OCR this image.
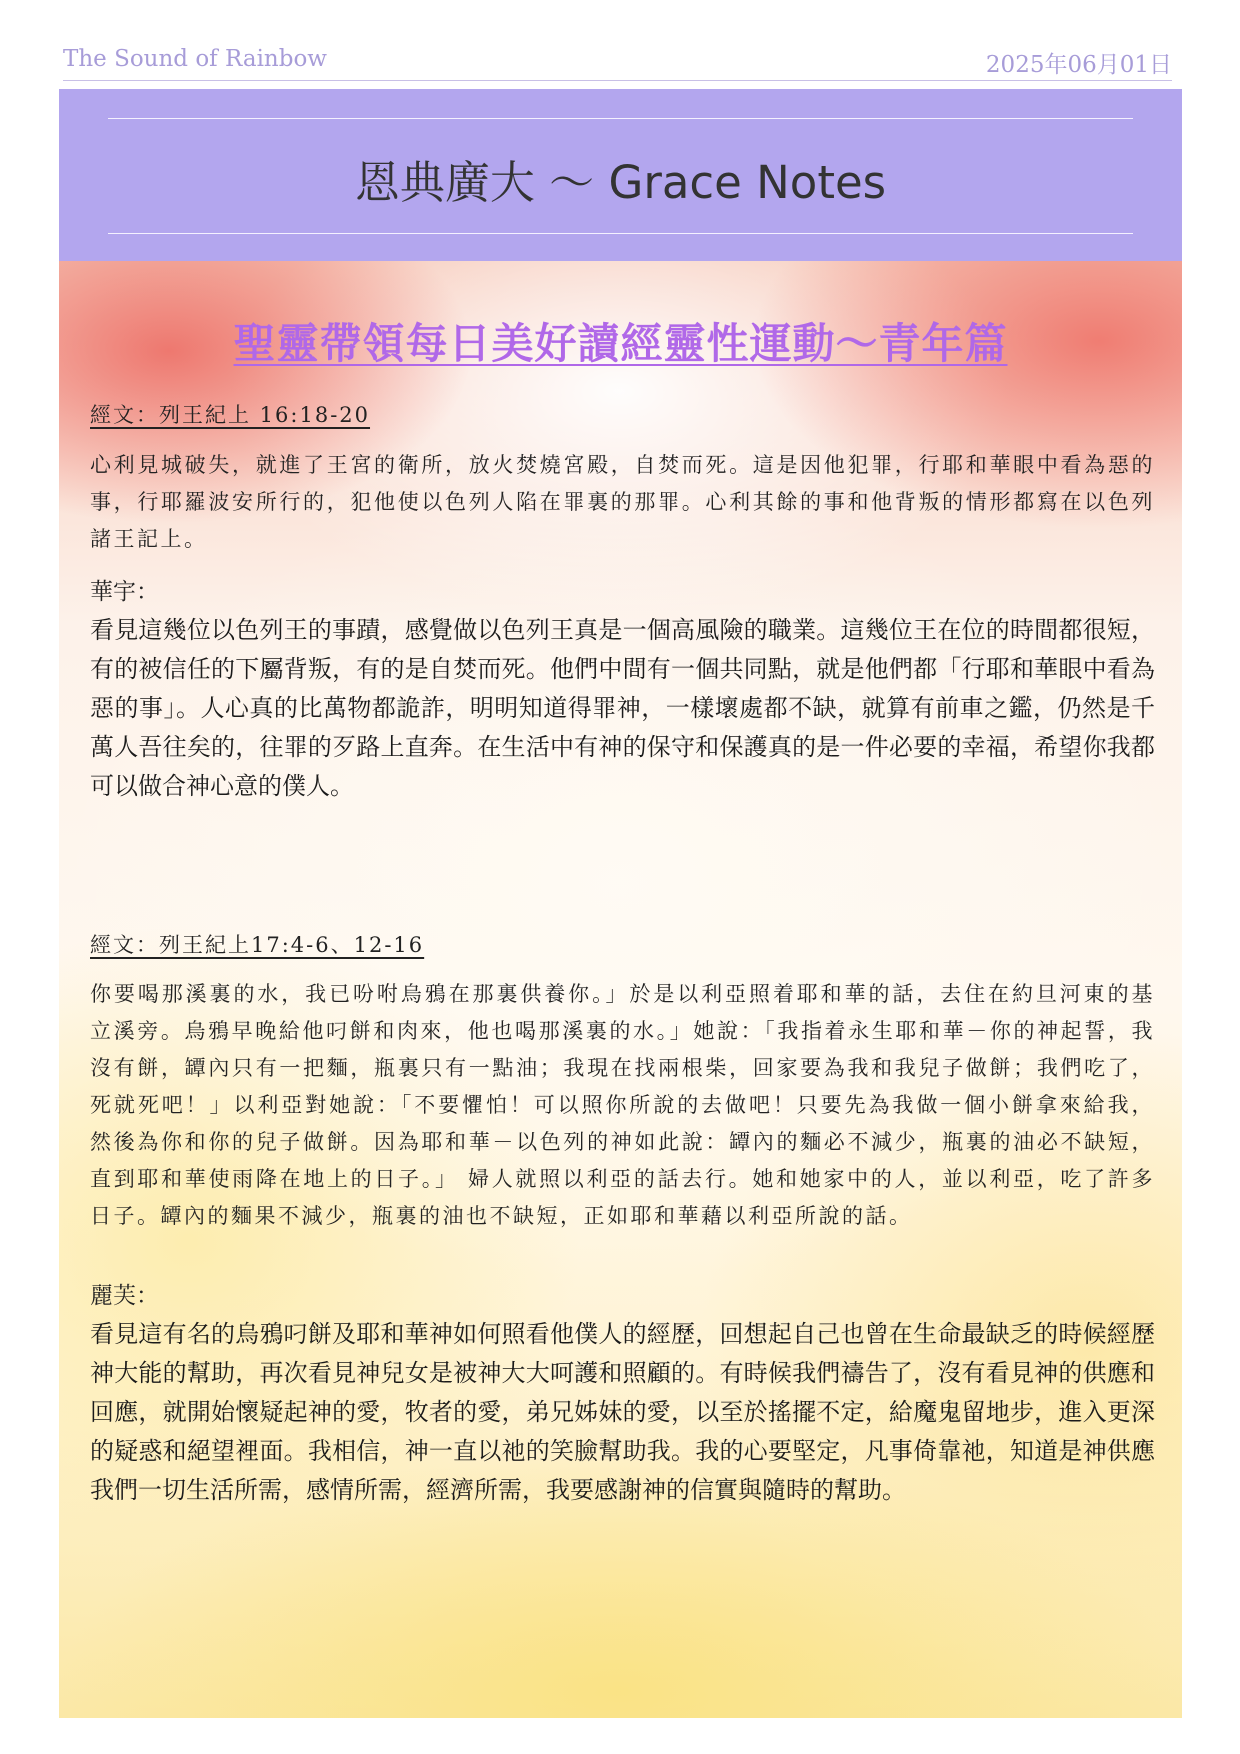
The Sound of Rainbow	2025年06月01日
恩典廣大 ～ Grace Notes
聖靈帶領每日美好讀經靈性運動～青年篇
經文：列王紀上 16:18-20
心利見城破失，就進了王宮的衛所，放火焚燒宮殿，自焚而死。這是因他犯罪，行耶和華眼中看為惡的事，行耶羅波安所行的，犯他使以色列人陷在罪裏的那罪。心利其餘的事和他背叛的情形都寫在以色列諸王記上。
華宇：
看見這幾位以色列王的事蹟，感覺做以色列王真是一個高風險的職業。這幾位王在位的時間都很短，有的被信任的下屬背叛，有的是自焚而死。他們中間有一個共同點，就是他們都「行耶和華眼中看為惡的事」。人心真的比萬物都詭詐，明明知道得罪神，一樣壞處都不缺，就算有前車之鑑，仍然是千萬人吾往矣的，往罪的歹路上直奔。在生活中有神的保守和保護真的是一件必要的幸福，希望你我都可以做合神心意的僕人。
經文：列王紀上17:4-6、12-16
你要喝那溪裏的水，我已吩咐烏鴉在那裏供養你。」於是以利亞照着耶和華的話，去住在約旦河東的基立溪旁。烏鴉早晚給他叼餅和肉來，他也喝那溪裏的水。」她說：「我指着永生耶和華－你的神起誓，我沒有餅，罈內只有一把麵，瓶裏只有一點油；我現在找兩根柴，回家要為我和我兒子做餅；我們吃了，死就死吧！」以利亞對她說：「不要懼怕！可以照你所說的去做吧！只要先為我做一個小餅拿來給我，然後為你和你的兒子做餅。因為耶和華－以色列的神如此說：罈內的麵必不減少，瓶裏的油必不缺短，直到耶和華使雨降在地上的日子。」 婦人就照以利亞的話去行。她和她家中的人，並以利亞，吃了許多日子。罈內的麵果不減少，瓶裏的油也不缺短，正如耶和華藉以利亞所說的話。
麗芙：
看見這有名的烏鴉叼餅及耶和華神如何照看他僕人的經歷，回想起自己也曾在生命最缺乏的時候經歷神大能的幫助，再次看見神兒女是被神大大呵護和照顧的。有時候我們禱告了，沒有看見神的供應和回應，就開始懷疑起神的愛，牧者的愛，弟兄姊妹的愛，以至於搖擺不定，給魔鬼留地步，進入更深的疑惑和絕望裡面。我相信，神一直以祂的笑臉幫助我。我的心要堅定，凡事倚靠祂，知道是神供應我們一切生活所需，感情所需，經濟所需，我要感謝神的信實與隨時的幫助。
